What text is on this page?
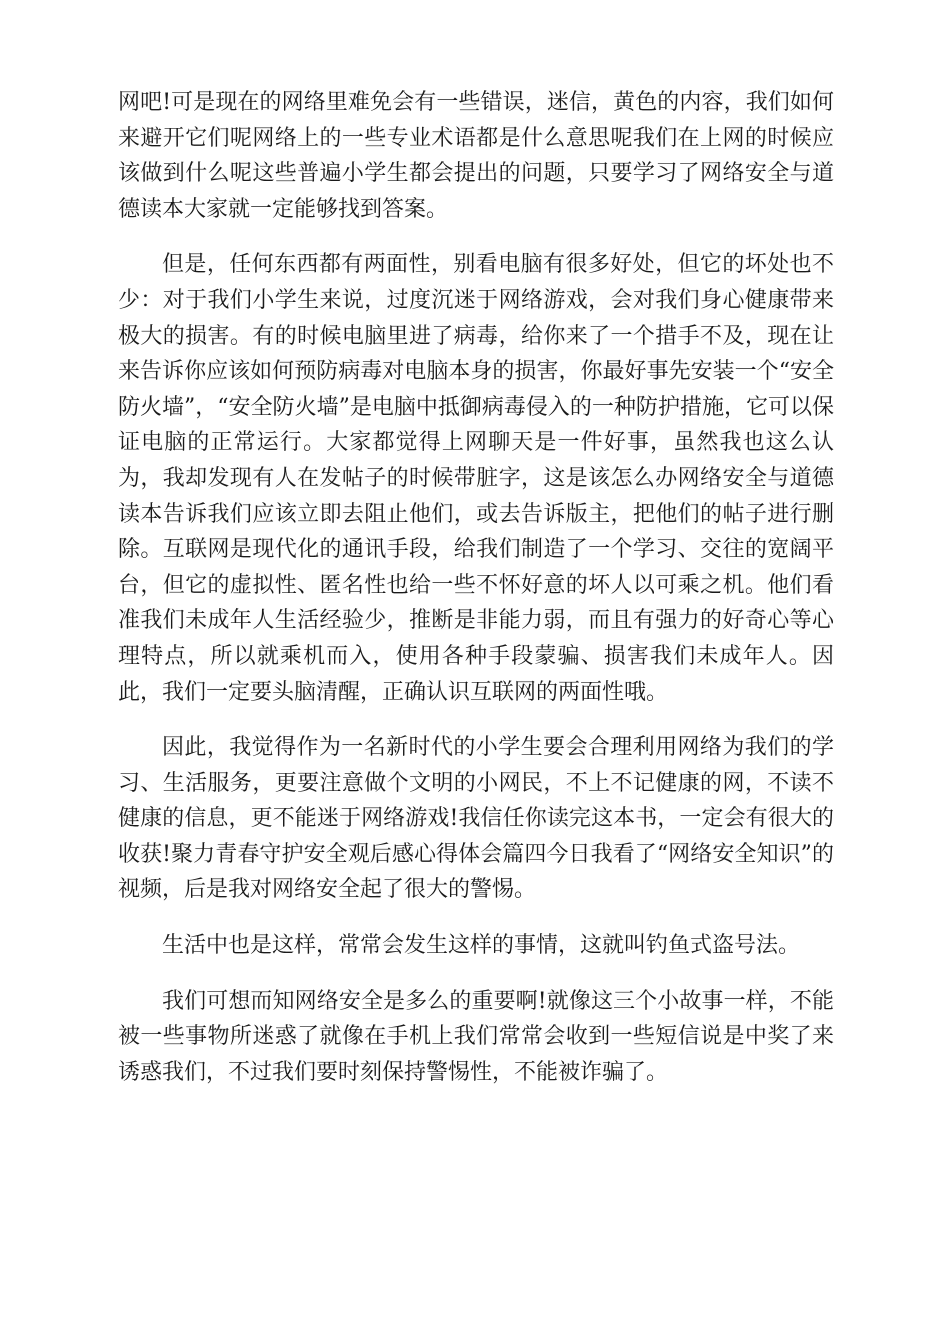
网吧!可是现在的网络里难免会有一些错误，迷信，黄色的内容，我们如何来避开它们呢网络上的一些专业术语都是什么意思呢我们在上网的时候应该做到什么呢这些普遍小学生都会提出的问题，只要学习了网络安全与道德读本大家就一定能够找到答案。

但是，任何东西都有两面性，别看电脑有很多好处，但它的坏处也不少：对于我们小学生来说，过度沉迷于网络游戏，会对我们身心健康带来极大的损害。有的时候电脑里进了病毒，给你来了一个措手不及，现在让来告诉你应该如何预防病毒对电脑本身的损害，你最好事先安装一个“安全防火墙”，“安全防火墙”是电脑中抵御病毒侵入的一种防护措施，它可以保证电脑的正常运行。大家都觉得上网聊天是一件好事，虽然我也这么认为，我却发现有人在发帖子的时候带脏字，这是该怎么办网络安全与道德读本告诉我们应该立即去阻止他们，或去告诉版主，把他们的帖子进行删除。互联网是现代化的通讯手段，给我们制造了一个学习、交往的宽阔平台，但它的虚拟性、匿名性也给一些不怀好意的坏人以可乘之机。他们看准我们未成年人生活经验少，推断是非能力弱，而且有强力的好奇心等心理特点，所以就乘机而入，使用各种手段蒙骗、损害我们未成年人。因此，我们一定要头脑清醒，正确认识互联网的两面性哦。

因此，我觉得作为一名新时代的小学生要会合理利用网络为我们的学习、生活服务，更要注意做个文明的小网民，不上不记健康的网，不读不健康的信息，更不能迷于网络游戏!我信任你读完这本书，一定会有很大的收获!聚力青春守护安全观后感心得体会篇四今日我看了“网络安全知识”的视频，后是我对网络安全起了很大的警惕。

生活中也是这样，常常会发生这样的事情，这就叫钓鱼式盗号法。

我们可想而知网络安全是多么的重要啊!就像这三个小故事一样，不能被一些事物所迷惑了就像在手机上我们常常会收到一些短信说是中奖了来诱惑我们，不过我们要时刻保持警惕性，不能被诈骗了。
